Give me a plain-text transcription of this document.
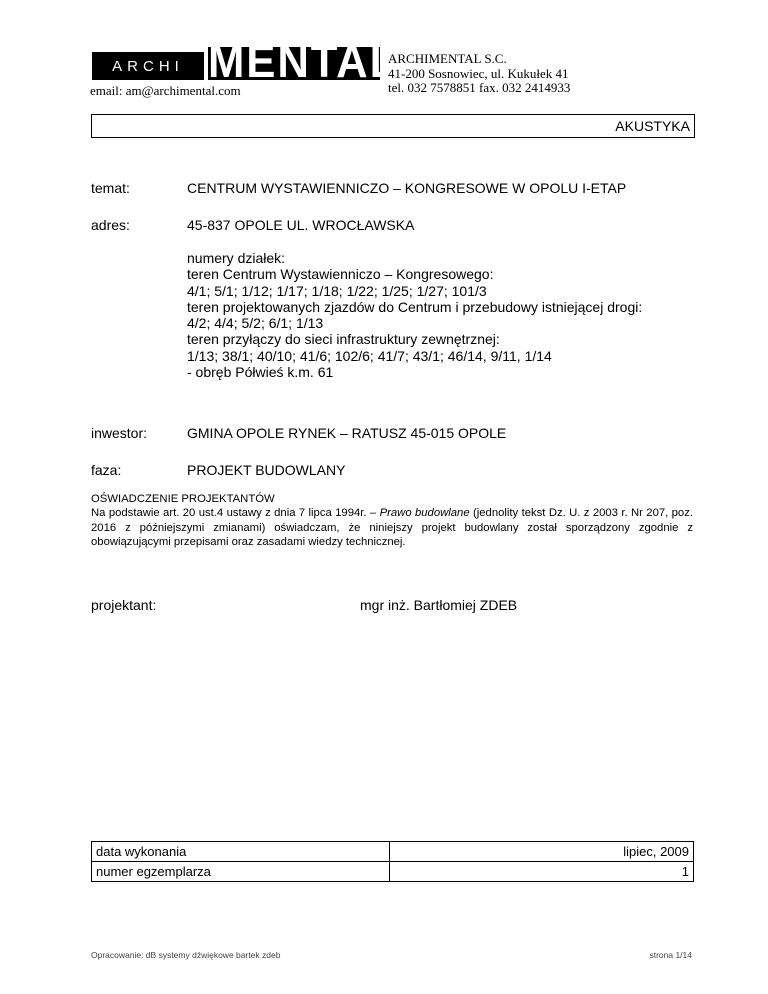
ARCHI MENTAL
email: am@archimental.com
ARCHIMENTAL S.C.
41-200 Sosnowiec, ul. Kukułek 41
tel. 032 7578851 fax. 032 2414933
AKUSTYKA
temat:	CENTRUM WYSTAWIENNICZO – KONGRESOWE W OPOLU I-ETAP
adres:	45-837 OPOLE UL. WROCŁAWSKA
numery działek:
teren Centrum Wystawienniczo – Kongresowego:
4/1; 5/1; 1/12; 1/17; 1/18; 1/22; 1/25; 1/27; 101/3
teren projektowanych zjazdów do Centrum i przebudowy istniejącej drogi:
4/2; 4/4; 5/2; 6/1; 1/13
teren przyłączy do sieci infrastruktury zewnętrznej:
1/13; 38/1; 40/10; 41/6; 102/6; 41/7; 43/1; 46/14, 9/11, 1/14
- obręb Półwieś k.m. 61
inwestor:	GMINA OPOLE RYNEK – RATUSZ 45-015 OPOLE
faza:	PROJEKT BUDOWLANY
OŚWIADCZENIE PROJEKTANTÓW
Na podstawie art. 20 ust.4 ustawy z dnia 7 lipca 1994r. – Prawo budowlane (jednolity tekst Dz. U. z 2003 r. Nr 207, poz. 2016 z późniejszymi zmianami) oświadczam, że niniejszy projekt budowlany został sporządzony zgodnie z obowiązującymi przepisami oraz zasadami wiedzy technicznej.
projektant:	mgr inż. Bartłomiej ZDEB
data wykonania	lipiec, 2009
numer egzemplarza	1
Opracowanie: dB systemy dźwiękowe bartek zdeb	strona 1/14
